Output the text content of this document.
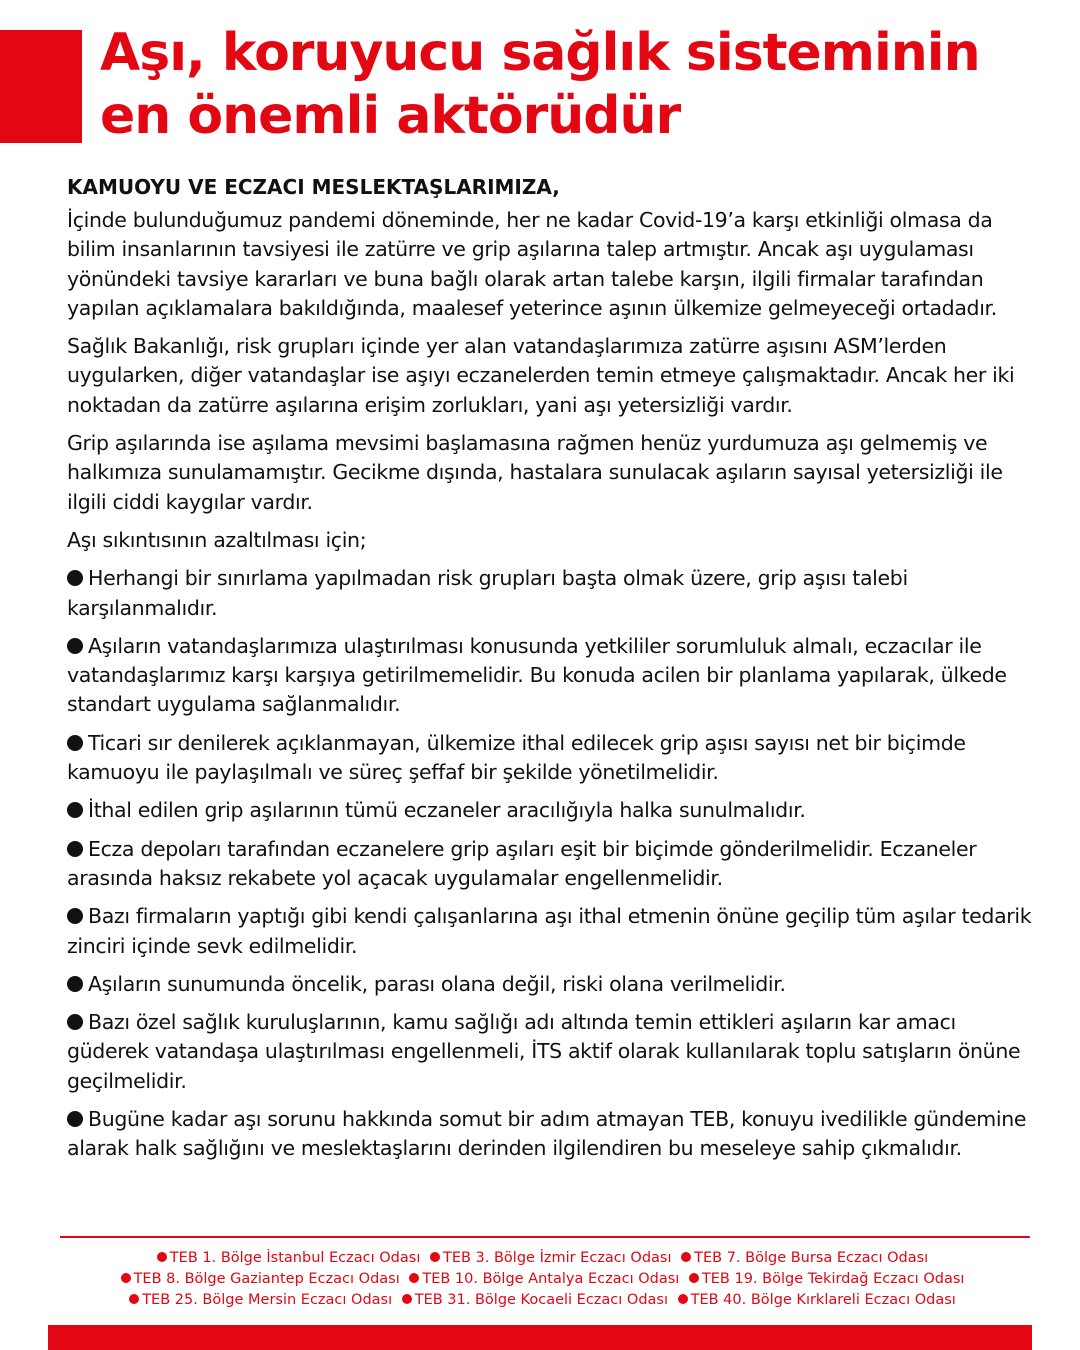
Aşı, koruyucu sağlık sisteminin
en önemli aktörüdür

KAMUOYU VE ECZACI MESLEKTAŞLARIMIZA,

İçinde bulunduğumuz pandemi döneminde, her ne kadar Covid-19’a karşı etkinliği olmasa da bilim insanlarının tavsiyesi ile zatürre ve grip aşılarına talep artmıştır. Ancak aşı uygulaması yönündeki tavsiye kararları ve buna bağlı olarak artan talebe karşın, ilgili firmalar tarafından yapılan açıklamalara bakıldığında, maalesef yeterince aşının ülkemize gelmeyeceği ortadadır.

Sağlık Bakanlığı, risk grupları içinde yer alan vatandaşlarımıza zatürre aşısını ASM’lerden uygularken, diğer vatandaşlar ise aşıyı eczanelerden temin etmeye çalışmaktadır. Ancak her iki noktadan da zatürre aşılarına erişim zorlukları, yani aşı yetersizliği vardır.

Grip aşılarında ise aşılama mevsimi başlamasına rağmen henüz yurdumuza aşı gelmemiş ve halkımıza sunulamamıştır. Gecikme dışında, hastalara sunulacak aşıların sayısal yetersizliği ile ilgili ciddi kaygılar vardır.

Aşı sıkıntısının azaltılması için;

Herhangi bir sınırlama yapılmadan risk grupları başta olmak üzere, grip aşısı talebi karşılanmalıdır.

Aşıların vatandaşlarımıza ulaştırılması konusunda yetkililer sorumluluk almalı, eczacılar ile vatandaşlarımız karşı karşıya getirilmemelidir. Bu konuda acilen bir planlama yapılarak, ülkede standart uygulama sağlanmalıdır.

Ticari sır denilerek açıklanmayan, ülkemize ithal edilecek grip aşısı sayısı net bir biçimde kamuoyu ile paylaşılmalı ve süreç şeffaf bir şekilde yönetilmelidir.

İthal edilen grip aşılarının tümü eczaneler aracılığıyla halka sunulmalıdır.

Ecza depoları tarafından eczanelere grip aşıları eşit bir biçimde gönderilmelidir. Eczaneler arasında haksız rekabete yol açacak uygulamalar engellenmelidir.

Bazı firmaların yaptığı gibi kendi çalışanlarına aşı ithal etmenin önüne geçilip tüm aşılar tedarik zinciri içinde sevk edilmelidir.

Aşıların sunumunda öncelik, parası olana değil, riski olana verilmelidir.

Bazı özel sağlık kuruluşlarının, kamu sağlığı adı altında temin ettikleri aşıların kar amacı güderek vatandaşa ulaştırılması engellenmeli, İTS aktif olarak kullanılarak toplu satışların önüne geçilmelidir.

Bugüne kadar aşı sorunu hakkında somut bir adım atmayan TEB, konuyu ivedilikle gündemine alarak halk sağlığını ve meslektaşlarını derinden ilgilendiren bu meseleye sahip çıkmalıdır.

TEB 1. Bölge İstanbul Eczacı Odası TEB 3. Bölge İzmir Eczacı Odası TEB 7. Bölge Bursa Eczacı Odası
TEB 8. Bölge Gaziantep Eczacı Odası TEB 10. Bölge Antalya Eczacı Odası TEB 19. Bölge Tekirdağ Eczacı Odası
TEB 25. Bölge Mersin Eczacı Odası TEB 31. Bölge Kocaeli Eczacı Odası TEB 40. Bölge Kırklareli Eczacı Odası
